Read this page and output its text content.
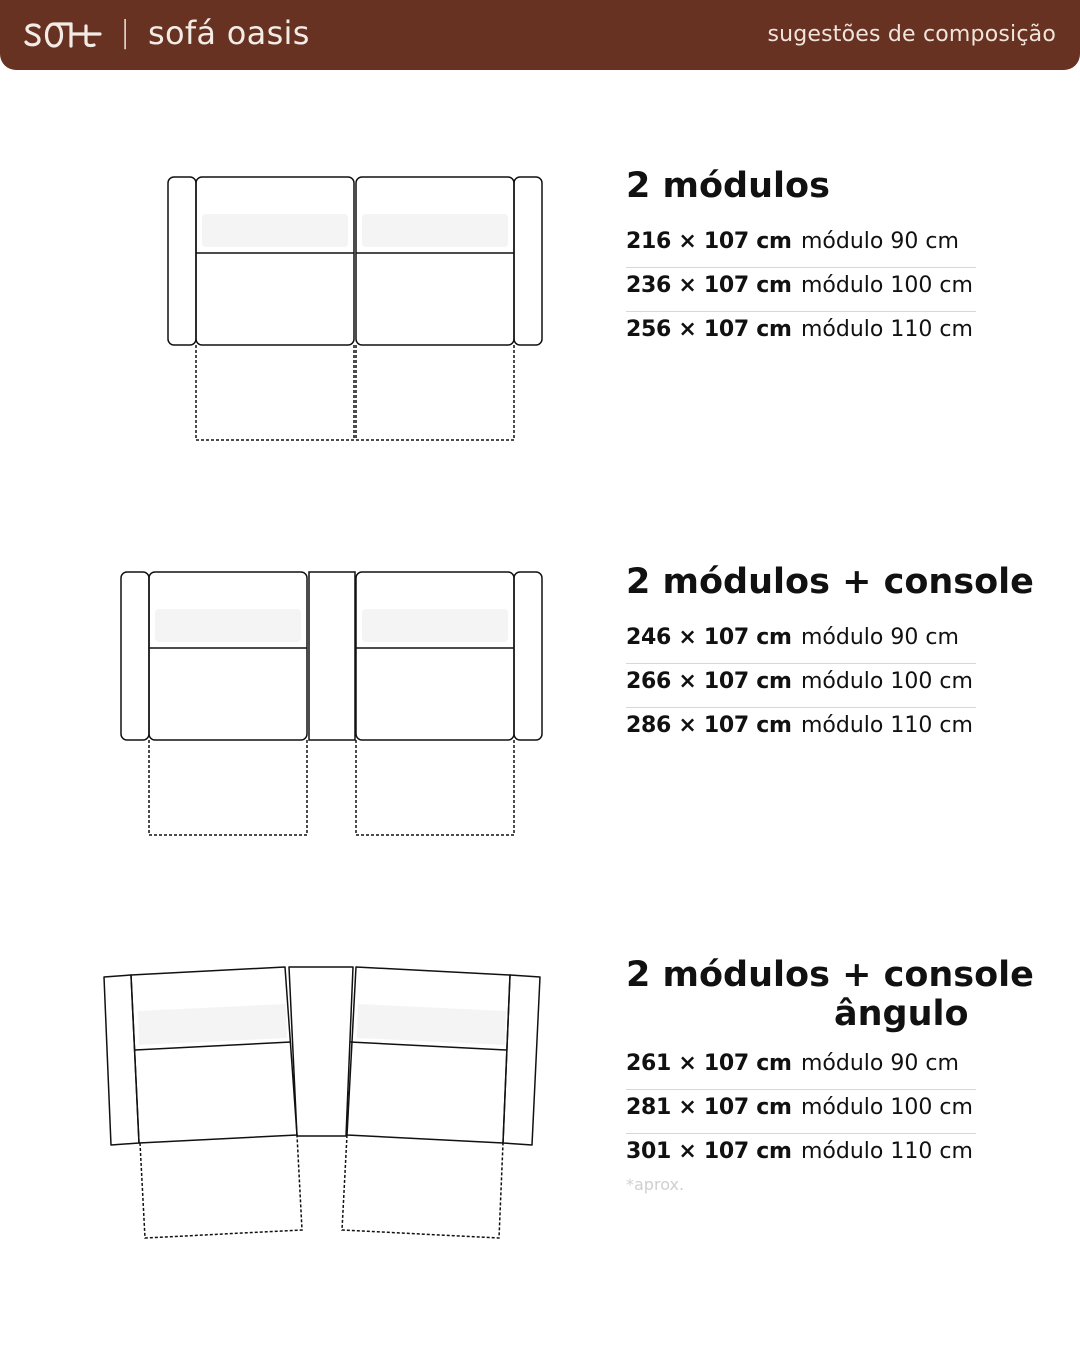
| sofá oasis	sugestões de composição
2 módulos
216 × 107 cm módulo 90 cm
236 × 107 cm módulo 100 cm
256 × 107 cm módulo 110 cm
2 módulos + console
246 × 107 cm módulo 90 cm
266 × 107 cm módulo 100 cm
286 × 107 cm módulo 110 cm
2 módulos + console
ângulo
261 × 107 cm módulo 90 cm
281 × 107 cm módulo 100 cm
301 × 107 cm módulo 110 cm
*aprox.
